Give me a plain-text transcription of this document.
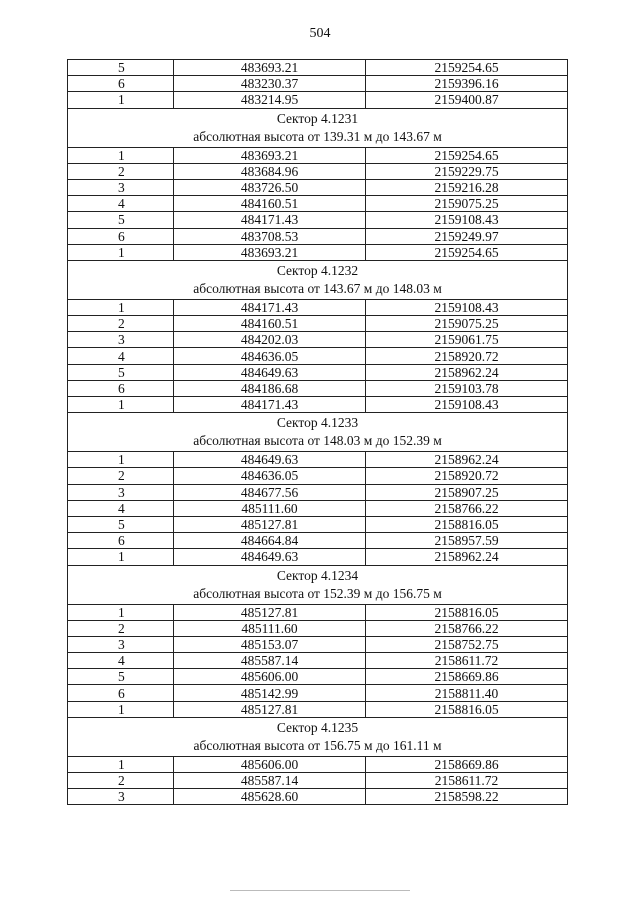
504
5	483693.21	2159254.65
6	483230.37	2159396.16
1	483214.95	2159400.87

Сектор 4.1231
абсолютная высота от 139.31 м до 143.67 м		

1	483693.21	2159254.65
2	483684.96	2159229.75
3	483726.50	2159216.28
4	484160.51	2159075.25
5	484171.43	2159108.43
6	483708.53	2159249.97
1	483693.21	2159254.65

Сектор 4.1232
абсолютная высота от 143.67 м до 148.03 м		

1	484171.43	2159108.43
2	484160.51	2159075.25
3	484202.03	2159061.75
4	484636.05	2158920.72
5	484649.63	2158962.24
6	484186.68	2159103.78
1	484171.43	2159108.43

Сектор 4.1233
абсолютная высота от 148.03 м до 152.39 м		

1	484649.63	2158962.24
2	484636.05	2158920.72
3	484677.56	2158907.25
4	485111.60	2158766.22
5	485127.81	2158816.05
6	484664.84	2158957.59
1	484649.63	2158962.24

Сектор 4.1234
абсолютная высота от 152.39 м до 156.75 м		

1	485127.81	2158816.05
2	485111.60	2158766.22
3	485153.07	2158752.75
4	485587.14	2158611.72
5	485606.00	2158669.86
6	485142.99	2158811.40
1	485127.81	2158816.05

Сектор 4.1235
абсолютная высота от 156.75 м до 161.11 м		

1	485606.00	2158669.86
2	485587.14	2158611.72
3	485628.60	2158598.22
